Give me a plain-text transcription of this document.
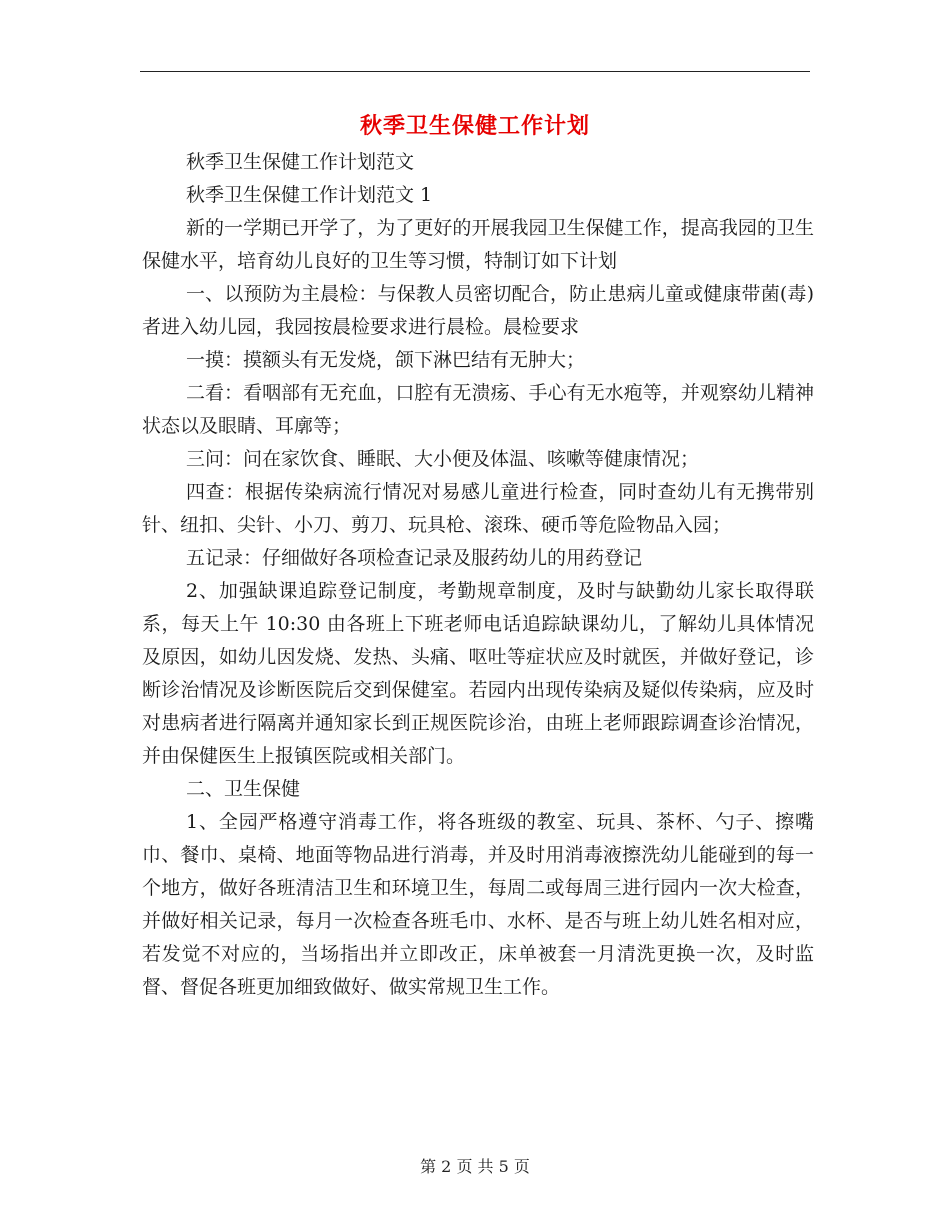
秋季卫生保健工作计划

秋季卫生保健工作计划范文

秋季卫生保健工作计划范文 1

新的一学期已开学了，为了更好的开展我园卫生保健工作，提高我园的卫生保健水平，培育幼儿良好的卫生等习惯，特制订如下计划

一、以预防为主晨检：与保教人员密切配合，防止患病儿童或健康带菌(毒)者进入幼儿园，我园按晨检要求进行晨检。晨检要求

一摸：摸额头有无发烧，颌下淋巴结有无肿大；

二看：看咽部有无充血，口腔有无溃疡、手心有无水疱等，并观察幼儿精神状态以及眼睛、耳廓等；

三问：问在家饮食、睡眠、大小便及体温、咳嗽等健康情况；

四查：根据传染病流行情况对易感儿童进行检查，同时查幼儿有无携带别针、纽扣、尖针、小刀、剪刀、玩具枪、滚珠、硬币等危险物品入园；

五记录：仔细做好各项检查记录及服药幼儿的用药登记

2、加强缺课追踪登记制度，考勤规章制度，及时与缺勤幼儿家长取得联系，每天上午 10:30 由各班上下班老师电话追踪缺课幼儿，了解幼儿具体情况及原因，如幼儿因发烧、发热、头痛、呕吐等症状应及时就医，并做好登记，诊断诊治情况及诊断医院后交到保健室。若园内出现传染病及疑似传染病，应及时对患病者进行隔离并通知家长到正规医院诊治，由班上老师跟踪调查诊治情况，并由保健医生上报镇医院或相关部门。

二、卫生保健

1、全园严格遵守消毒工作，将各班级的教室、玩具、茶杯、勺子、擦嘴巾、餐巾、桌椅、地面等物品进行消毒，并及时用消毒液擦洗幼儿能碰到的每一个地方，做好各班清洁卫生和环境卫生，每周二或每周三进行园内一次大检查，并做好相关记录，每月一次检查各班毛巾、水杯、是否与班上幼儿姓名相对应，若发觉不对应的，当场指出并立即改正，床单被套一月清洗更换一次，及时监督、督促各班更加细致做好、做实常规卫生工作。

第 2 页 共 5 页
